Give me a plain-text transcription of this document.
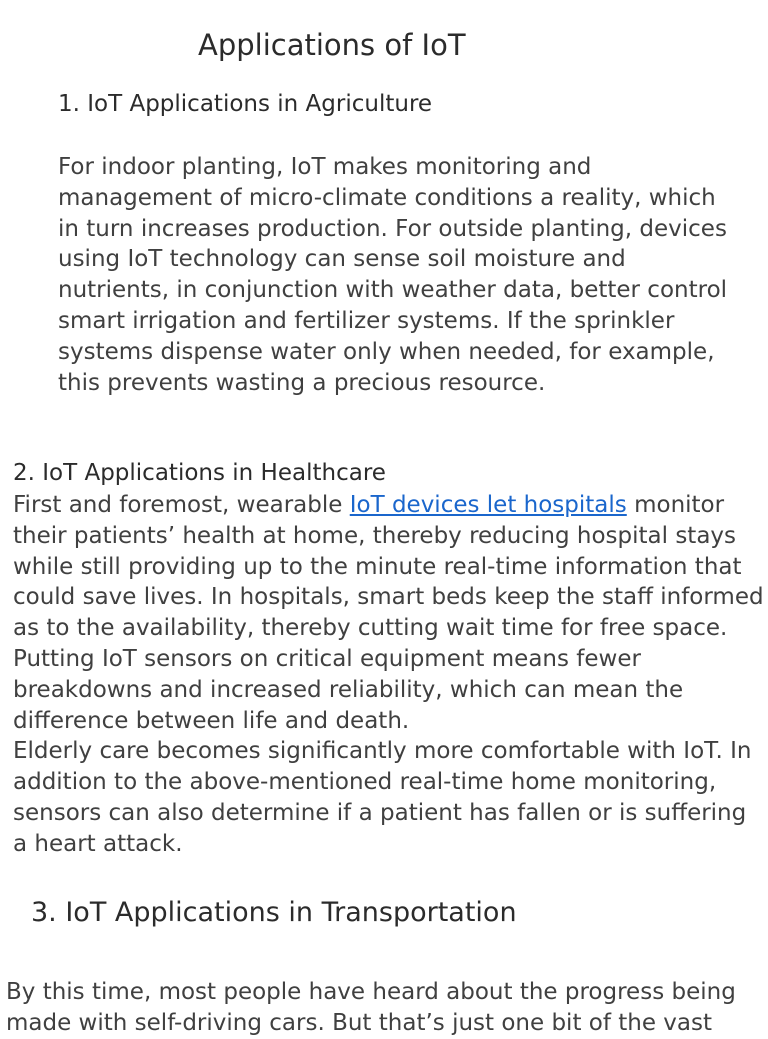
Applications of IoT
1. IoT Applications in Agriculture

For indoor planting, IoT makes monitoring and management of micro-climate conditions a reality, which in turn increases production. For outside planting, devices using IoT technology can sense soil moisture and nutrients, in conjunction with weather data, better control smart irrigation and fertilizer systems. If the sprinkler systems dispense water only when needed, for example, this prevents wasting a precious resource.

2. IoT Applications in Healthcare

First and foremost, wearable IoT devices let hospitals monitor their patients’ health at home, thereby reducing hospital stays while still providing up to the minute real-time information that could save lives. In hospitals, smart beds keep the staff informed as to the availability, thereby cutting wait time for free space. Putting IoT sensors on critical equipment means fewer breakdowns and increased reliability, which can mean the difference between life and death.
Elderly care becomes significantly more comfortable with IoT. In addition to the above-mentioned real-time home monitoring, sensors can also determine if a patient has fallen or is suffering a heart attack.

3. IoT Applications in Transportation

By this time, most people have heard about the progress being made with self-driving cars. But that’s just one bit of the vast
